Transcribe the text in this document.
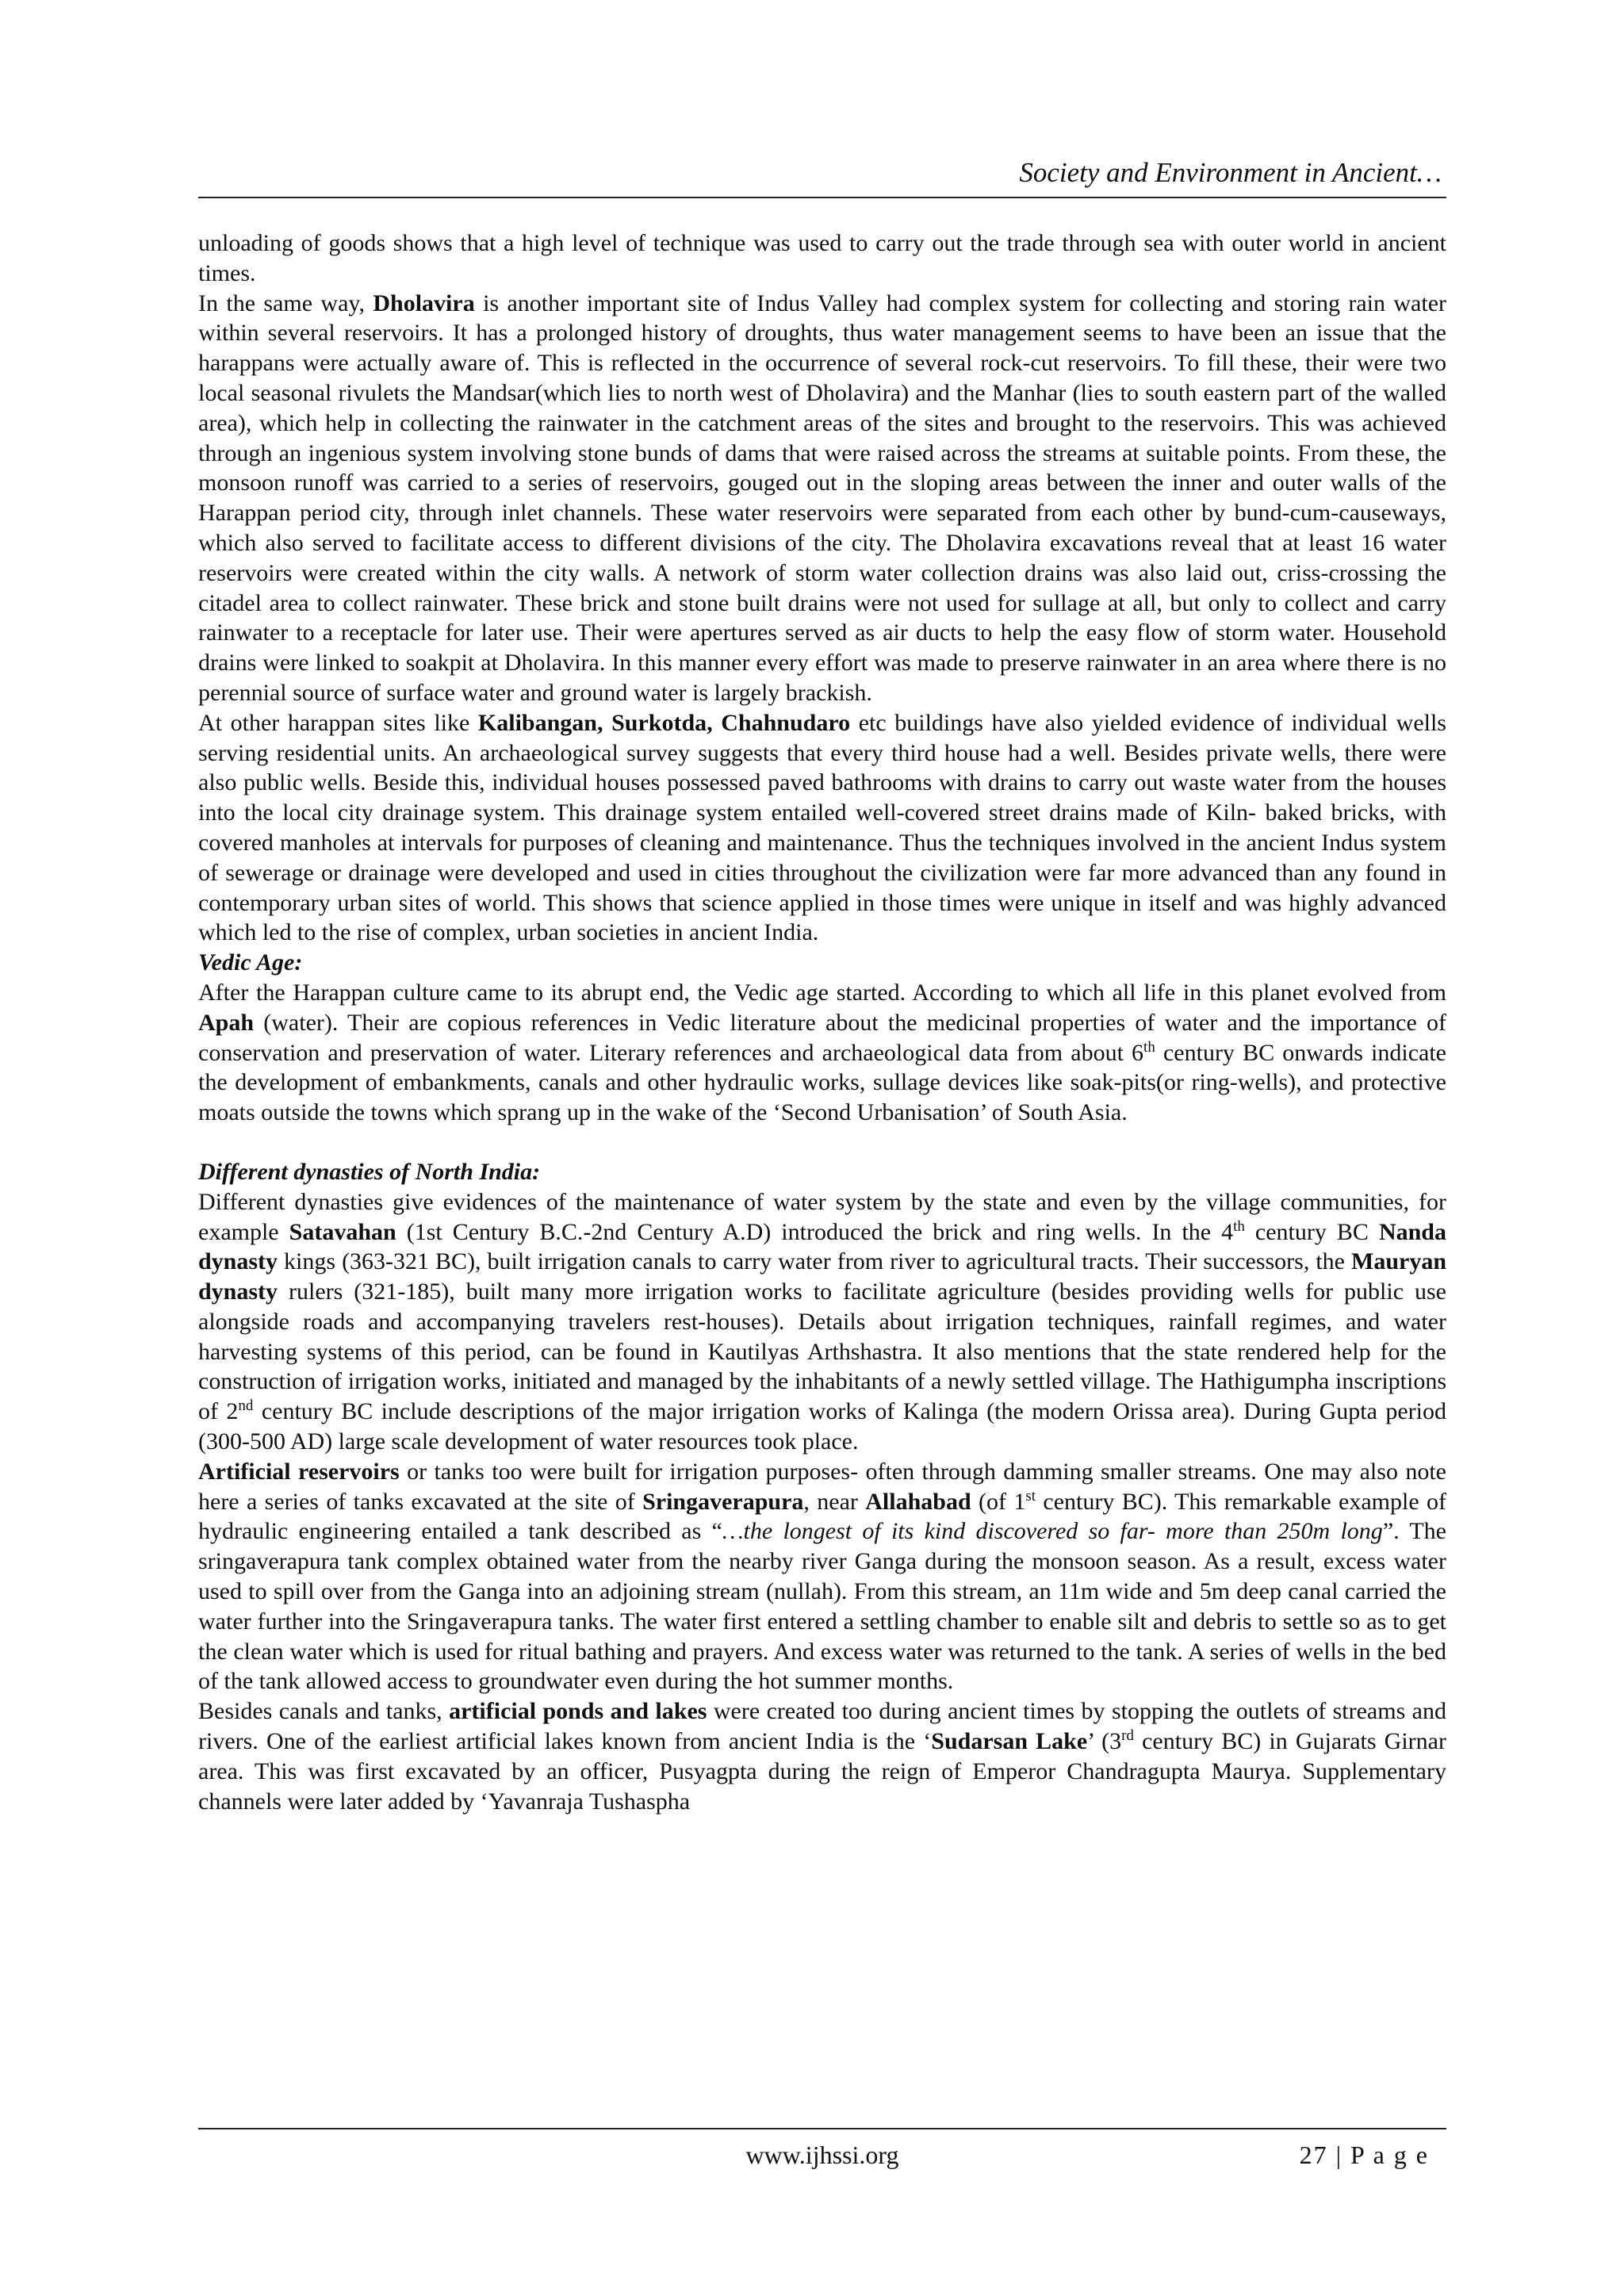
Society and Environment in Ancient…

unloading of goods shows that a high level of technique was used to carry out the trade through sea with outer world in ancient times.

In the same way, Dholavira is another important site of Indus Valley had complex system for collecting and storing rain water within several reservoirs. It has a prolonged history of droughts, thus water management seems to have been an issue that the harappans were actually aware of. This is reflected in the occurrence of several rock-cut reservoirs. To fill these, their were two local seasonal rivulets the Mandsar(which lies to north west of Dholavira) and the Manhar (lies to south eastern part of the walled area), which help in collecting the rainwater in the catchment areas of the sites and brought to the reservoirs. This was achieved through an ingenious system involving stone bunds of dams that were raised across the streams at suitable points. From these, the monsoon runoff was carried to a series of reservoirs, gouged out in the sloping areas between the inner and outer walls of the Harappan period city, through inlet channels. These water reservoirs were separated from each other by bund-cum-causeways, which also served to facilitate access to different divisions of the city. The Dholavira excavations reveal that at least 16 water reservoirs were created within the city walls. A network of storm water collection drains was also laid out, criss-crossing the citadel area to collect rainwater. These brick and stone built drains were not used for sullage at all, but only to collect and carry rainwater to a receptacle for later use. Their were apertures served as air ducts to help the easy flow of storm water. Household drains were linked to soakpit at Dholavira. In this manner every effort was made to preserve rainwater in an area where there is no perennial source of surface water and ground water is largely brackish.

At other harappan sites like Kalibangan, Surkotda, Chahnudaro etc buildings have also yielded evidence of individual wells serving residential units. An archaeological survey suggests that every third house had a well. Besides private wells, there were also public wells. Beside this, individual houses possessed paved bathrooms with drains to carry out waste water from the houses into the local city drainage system. This drainage system entailed well-covered street drains made of Kiln- baked bricks, with covered manholes at intervals for purposes of cleaning and maintenance. Thus the techniques involved in the ancient Indus system of sewerage or drainage were developed and used in cities throughout the civilization were far more advanced than any found in contemporary urban sites of world. This shows that science applied in those times were unique in itself and was highly advanced which led to the rise of complex, urban societies in ancient India.

Vedic Age:

After the Harappan culture came to its abrupt end, the Vedic age started. According to which all life in this planet evolved from Apah (water). Their are copious references in Vedic literature about the medicinal properties of water and the importance of conservation and preservation of water. Literary references and archaeological data from about 6th century BC onwards indicate the development of embankments, canals and other hydraulic works, sullage devices like soak-pits(or ring-wells), and protective moats outside the towns which sprang up in the wake of the ‘Second Urbanisation’ of South Asia.

Different dynasties of North India:

Different dynasties give evidences of the maintenance of water system by the state and even by the village communities, for example Satavahan (1st Century B.C.-2nd Century A.D) introduced the brick and ring wells. In the 4th century BC Nanda dynasty kings (363-321 BC), built irrigation canals to carry water from river to agricultural tracts. Their successors, the Mauryan dynasty rulers (321-185), built many more irrigation works to facilitate agriculture (besides providing wells for public use alongside roads and accompanying travelers rest-houses). Details about irrigation techniques, rainfall regimes, and water harvesting systems of this period, can be found in Kautilyas Arthshastra. It also mentions that the state rendered help for the construction of irrigation works, initiated and managed by the inhabitants of a newly settled village. The Hathigumpha inscriptions of 2nd century BC include descriptions of the major irrigation works of Kalinga (the modern Orissa area). During Gupta period (300-500 AD) large scale development of water resources took place.

Artificial reservoirs or tanks too were built for irrigation purposes- often through damming smaller streams. One may also note here a series of tanks excavated at the site of Sringaverapura, near Allahabad (of 1st century BC). This remarkable example of hydraulic engineering entailed a tank described as “…the longest of its kind discovered so far- more than 250m long”. The sringaverapura tank complex obtained water from the nearby river Ganga during the monsoon season. As a result, excess water used to spill over from the Ganga into an adjoining stream (nullah). From this stream, an 11m wide and 5m deep canal carried the water further into the Sringaverapura tanks. The water first entered a settling chamber to enable silt and debris to settle so as to get the clean water which is used for ritual bathing and prayers. And excess water was returned to the tank. A series of wells in the bed of the tank allowed access to groundwater even during the hot summer months.

Besides canals and tanks, artificial ponds and lakes were created too during ancient times by stopping the outlets of streams and rivers. One of the earliest artificial lakes known from ancient India is the ‘Sudarsan Lake’ (3rd century BC) in Gujarats Girnar area. This was first excavated by an officer, Pusyagpta during the reign of Emperor Chandragupta Maurya. Supplementary channels were later added by ‘Yavanraja Tushaspha

www.ijhssi.org	27 | P a g e
